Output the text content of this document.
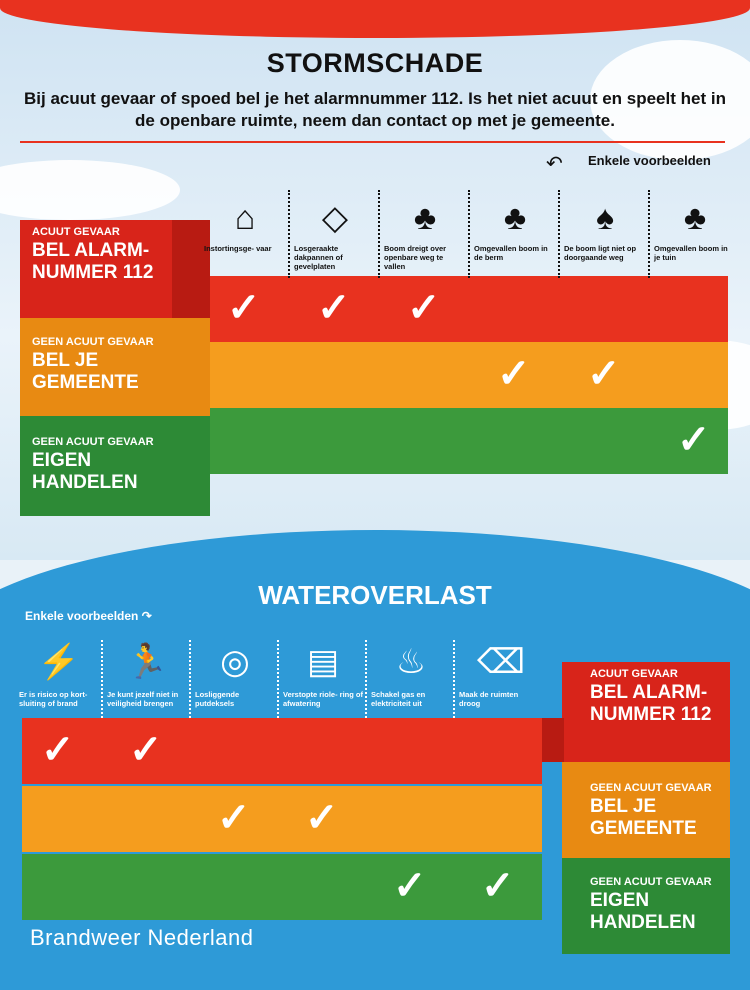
STORMSCHADE
Bij acuut gevaar of spoed bel je het alarmnummer 112. Is het niet acuut en speelt het in de openbare ruimte, neem dan contact op met je gemeente.
↶ Enkele voorbeelden
ACUUT GEVAAR
BEL ALARM- NUMMER 112
GEEN ACUUT GEVAAR
BEL JE GEMEENTE
GEEN ACUUT GEVAAR
EIGEN HANDELEN
⌂
Instortingsge- vaar
✓
◇
Losgeraakte dakpannen of gevelplaten
✓
♣
Boom dreigt over openbare weg te vallen
✓
♣
Omgevallen boom in de berm
✓
♠
De boom ligt niet op doorgaande weg
✓
♣
Omgevallen boom in je tuin
✓
WATEROVERLAST
Enkele voorbeelden ↷
ACUUT GEVAAR
BEL ALARM- NUMMER 112
GEEN ACUUT GEVAAR
BEL JE GEMEENTE
GEEN ACUUT GEVAAR
EIGEN HANDELEN
⚡
Er is risico op kort- sluiting of brand
✓
🏃
Je kunt jezelf niet in veiligheid brengen
✓
◎
Losliggende putdeksels
✓
▤
Verstopte riole- ring of afwatering
✓
♨
Schakel gas en elektriciteit uit
✓
⌫
Maak de ruimten droog
✓
Brandweer Nederland
